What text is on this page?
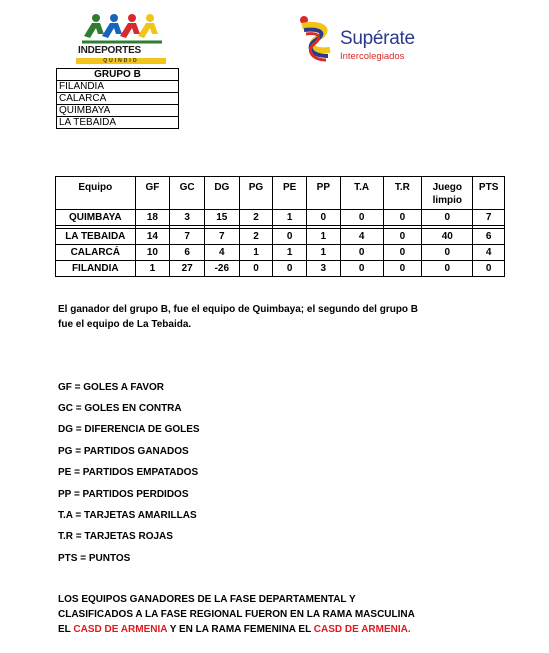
INDEPORTES
QUINDIO
Supérate
Intercolegiados
GRUPO B
FILANDIA
CALARCÁ
QUIMBAYA
LA TEBAIDA
Equipo	GF	GC	DG	PG	PE	PP	T.A	T.R	Juego limpio	PTS
QUIMBAYA	18	3	15	2	1	0	0	0	0	7

LA TEBAIDA	14	7	7	2	0	1	4	0	40	6
CALARCÁ	10	6	4	1	1	1	0	0	0	4
FILANDIA	1	27	-26	0	0	3	0	0	0	0
El ganador del grupo B, fue el equipo de Quimbaya; el segundo del grupo B
fue el equipo de La Tebaida.
GF = GOLES A FAVOR
GC = GOLES EN CONTRA
DG = DIFERENCIA DE GOLES
PG = PARTIDOS GANADOS
PE = PARTIDOS EMPATADOS
PP = PARTIDOS PERDIDOS
T.A = TARJETAS AMARILLAS
T.R = TARJETAS ROJAS
PTS = PUNTOS
LOS EQUIPOS GANADORES DE LA FASE DEPARTAMENTAL Y
CLASIFICADOS A LA FASE REGIONAL FUERON EN LA RAMA MASCULINA
EL CASD DE ARMENIA Y EN LA RAMA FEMENINA EL CASD DE ARMENIA.
